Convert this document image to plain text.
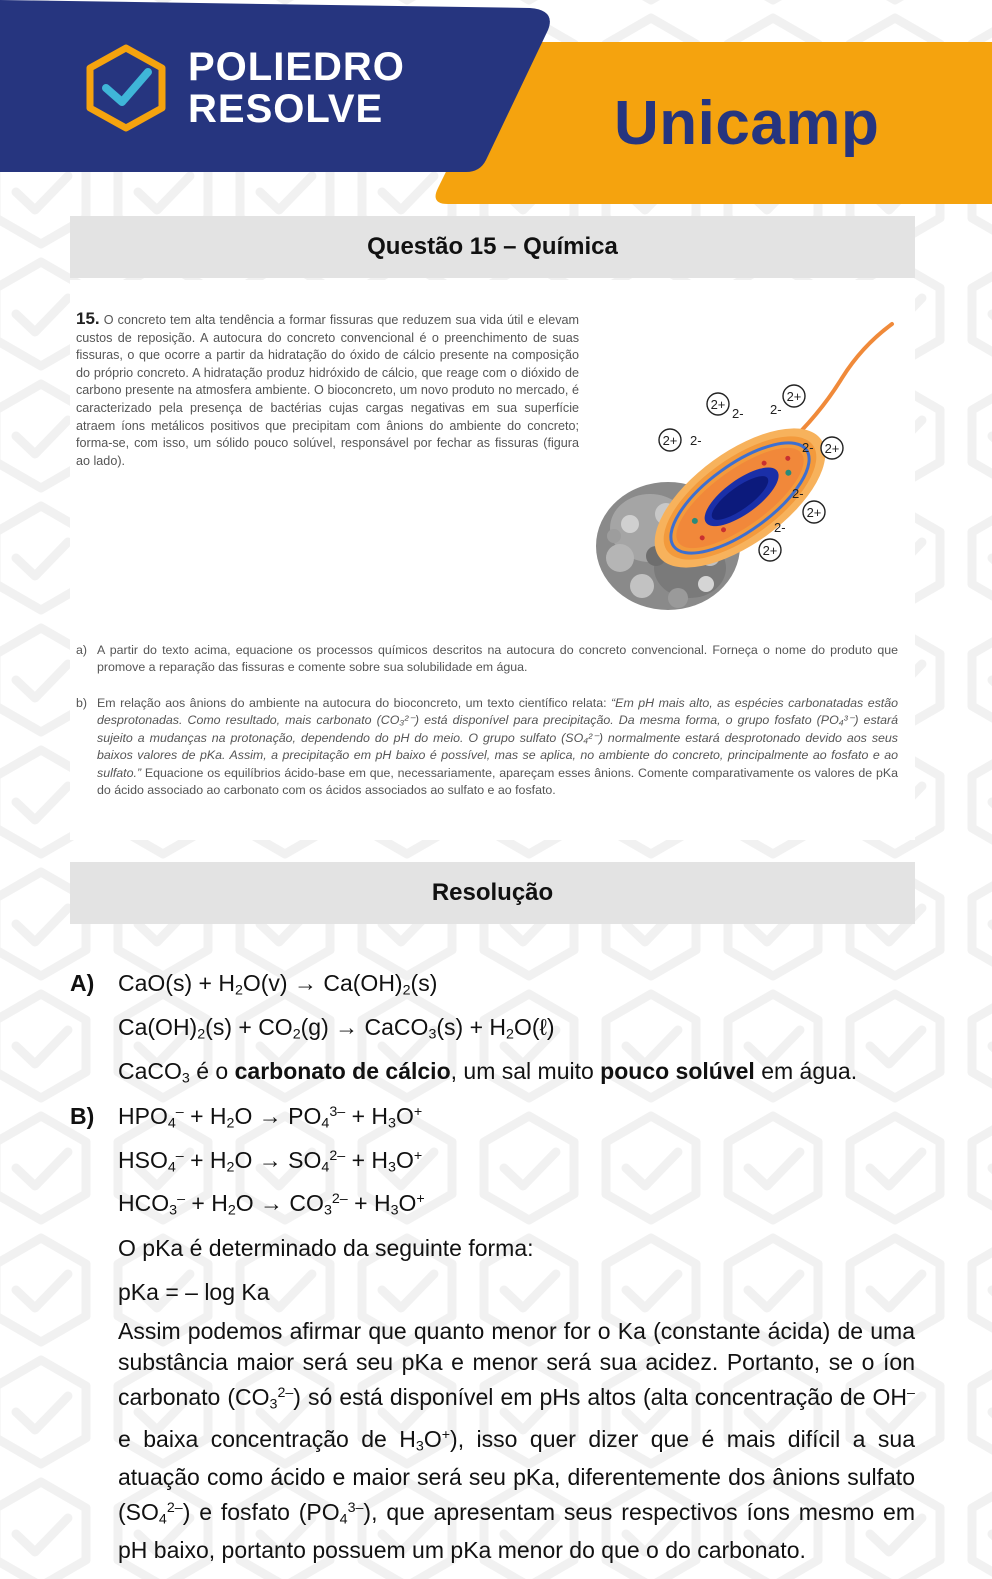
POLIEDRO
RESOLVE	Unicamp
Questão 15 – Química
15. O concreto tem alta tendência a formar fissuras que reduzem sua vida útil e elevam custos de reposição. A autocura do concreto convencional é o preenchimento de suas fissuras, o que ocorre a partir da hidratação do óxido de cálcio presente na composição do próprio concreto. A hidratação produz hidróxido de cálcio, que reage com o dióxido de carbono presente na atmosfera ambiente. O bioconcreto, um novo produto no mercado, é caracterizado pela presença de bactérias cujas cargas negativas em sua superfície atraem íons metálicos positivos que precipitam com ânions do ambiente do concreto; forma-se, com isso, um sólido pouco solúvel, responsável por fechar as fissuras (figura ao lado).
2+
2- 2-
2+
2+ 2-	2- 2+
2-
2+
2-
2+
a) A partir do texto acima, equacione os processos químicos descritos na autocura do concreto convencional. Forneça o nome do produto que promove a reparação das fissuras e comente sobre sua solubilidade em água.
b) Em relação aos ânions do ambiente na autocura do bioconcreto, um texto científico relata: “Em pH mais alto, as espécies carbonatadas estão desprotonadas. Como resultado, mais carbonato (CO₃²⁻) está disponível para precipitação. Da mesma forma, o grupo fosfato (PO₄³⁻) estará sujeito a mudanças na protonação, dependendo do pH do meio. O grupo sulfato (SO₄²⁻) normalmente estará desprotonado devido aos seus baixos valores de pKa. Assim, a precipitação em pH baixo é possível, mas se aplica, no ambiente do concreto, principalmente ao fosfato e ao sulfato.” Equacione os equilíbrios ácido-base em que, necessariamente, apareçam esses ânions. Comente comparativamente os valores de pKa do ácido associado ao carbonato com os ácidos associados ao sulfato e ao fosfato.
Resolução
A) $CaO(s) + H_2O(v) \to Ca(OH)_2(s)$
$Ca(OH)_2(s) + CO_2(g)$ → CaCO$_3$(s) + $H_2O(\ell)$
CaCO$_3$ é o carbonato de cálcio, um sal muito pouco solúvel em água.
B) $HPO_4^- + H_2O \to PO_4^{3-} + H_3O^+$
$HSO_4^- + H_2O \to SO_4^{2-} + H_3O^+$
$HCO_3^- + H_2O \to CO_3^{2-} + H_3O^+$
O pKa é determinado da seguinte forma:
pKa = – log Ka
Assim podemos afirmar que quanto menor for o Ka (constante ácida) de uma substância maior será seu pKa e menor será sua acidez. Portanto, se o íon carbonato $(CO_3^{2-})$ só está disponível em pHs altos (alta concentração de OH– e baixa concentração de $H_3O^+$), isso quer dizer que é mais difícil a sua atuação como ácido e maior será seu pKa, diferentemente dos ânions sulfato $(SO_4^{2-})$ e fosfato $(PO_4^{3-})$, que apresentam seus respectivos íons mesmo em pH baixo, portanto possuem um pKa menor do que o do carbonato.
